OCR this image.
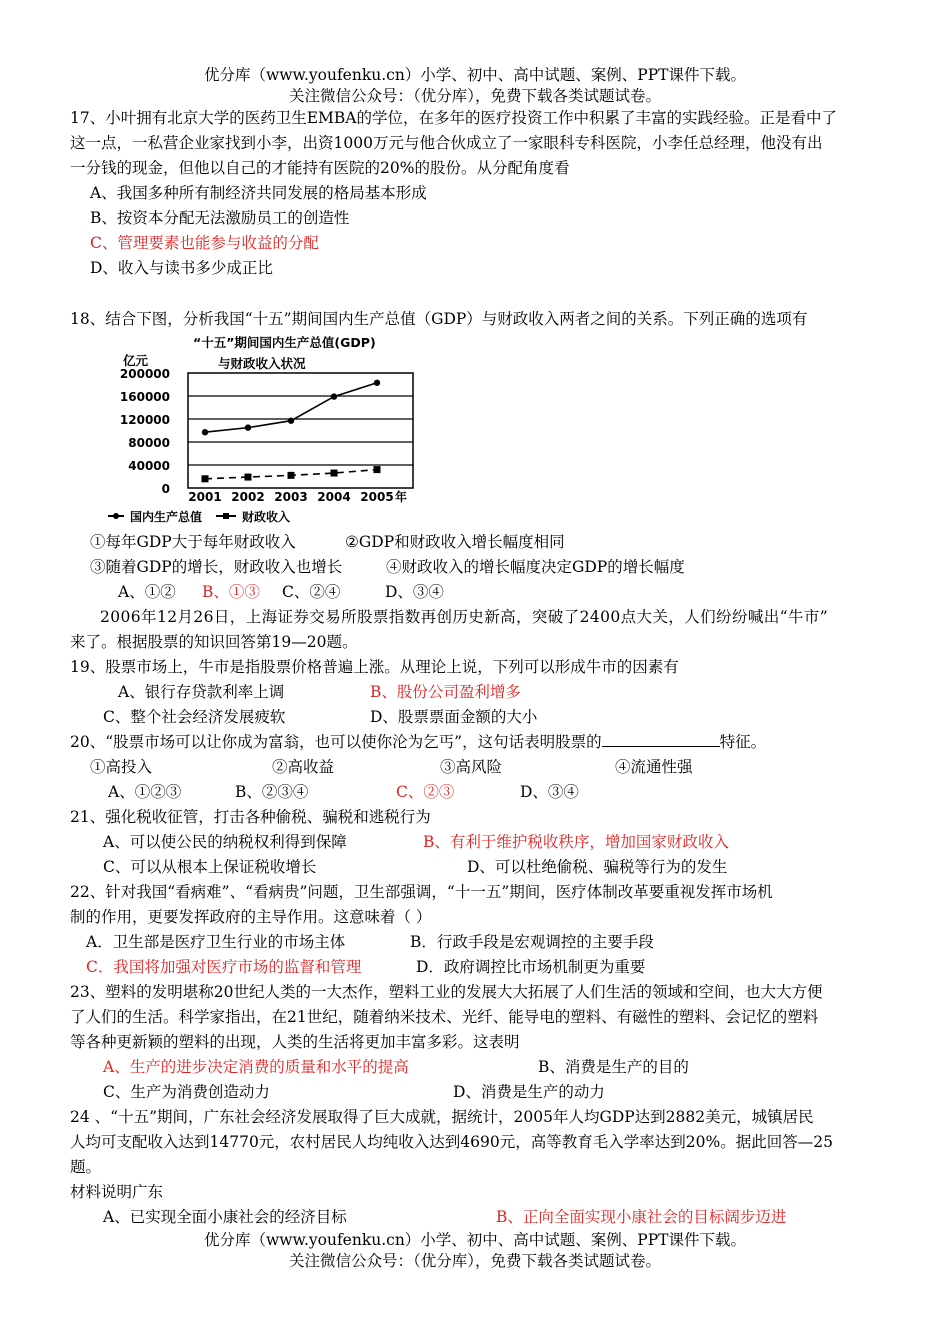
优分库（www.youfenku.cn）小学、初中、高中试题、案例、PPT课件下载。
关注微信公众号：（优分库），免费下载各类试题试卷。
17、小叶拥有北京大学的医药卫生EMBA的学位，在多年的医疗投资工作中积累了丰富的实践经验。正是看中了
这一点，一私营企业家找到小李，出资1000万元与他合伙成立了一家眼科专科医院，小李任总经理，他没有出
一分钱的现金，但他以自己的才能持有医院的20%的股份。从分配角度看
A、我国多种所有制经济共同发展的格局基本形成
B、按资本分配无法激励员工的创造性
C、管理要素也能参与收益的分配
D、收入与读书多少成正比
18、结合下图，分析我国“十五”期间国内生产总值（GDP）与财政收入两者之间的关系。下列正确的选项有
“十五”期间国内生产总值(GDP)
与财政收入状况
亿元
200000
160000
120000
80000
40000
0
2001 2002 2003 2004 2005 年
国内生产总值	财政收入
①每年GDP大于每年财政收入	②GDP和财政收入增长幅度相同
③随着GDP的增长，财政收入也增长	④财政收入的增长幅度决定GDP的增长幅度
A、①② B、①③ C、②④	D、③④
2006年12月26日，上海证券交易所股票指数再创历史新高，突破了2400点大关，人们纷纷喊出“牛市”
来了。根据股票的知识回答第19—20题。
19、股票市场上，牛市是指股票价格普遍上涨。从理论上说，下列可以形成牛市的因素有
A、银行存贷款利率上调	B、股份公司盈利增多
C、整个社会经济发展疲软	D、股票票面金额的大小
20、“股票市场可以让你成为富翁，也可以使你沦为乞丐”，这句话表明股票的	特征。
①高投入	②高收益	③高风险	④流通性强
A、①②③	B、②③④	C、②③	D、③④
21、强化税收征管，打击各种偷税、骗税和逃税行为
A、可以使公民的纳税权利得到保障	B、有利于维护税收秩序，增加国家财政收入
C、可以从根本上保证税收增长	D、可以杜绝偷税、骗税等行为的发生
22、针对我国“看病难”、“看病贵”问题，卫生部强调，“十一五”期间，医疗体制改革要重视发挥市场机
制的作用，更要发挥政府的主导作用。这意味着（ ）
A．卫生部是医疗卫生行业的市场主体	B．行政手段是宏观调控的主要手段
C．我国将加强对医疗市场的监督和管理	D．政府调控比市场机制更为重要
23、塑料的发明堪称20世纪人类的一大杰作，塑料工业的发展大大拓展了人们生活的领域和空间，也大大方便
了人们的生活。科学家指出，在21世纪，随着纳米技术、光纤、能导电的塑料、有磁性的塑料、会记忆的塑料
等各种更新颖的塑料的出现，人类的生活将更加丰富多彩。这表明
A、生产的进步决定消费的质量和水平的提高	B、消费是生产的目的
C、生产为消费创造动力	D、消费是生产的动力
24 、“十五”期间，广东社会经济发展取得了巨大成就，据统计，2005年人均GDP达到2882美元，城镇居民
人均可支配收入达到14770元，农村居民人均纯收入达到4690元，高等教育毛入学率达到20%。据此回答—25
题。
材料说明广东
A、已实现全面小康社会的经济目标	B、正向全面实现小康社会的目标阔步迈进
优分库（www.youfenku.cn）小学、初中、高中试题、案例、PPT课件下载。
关注微信公众号：（优分库），免费下载各类试题试卷。
